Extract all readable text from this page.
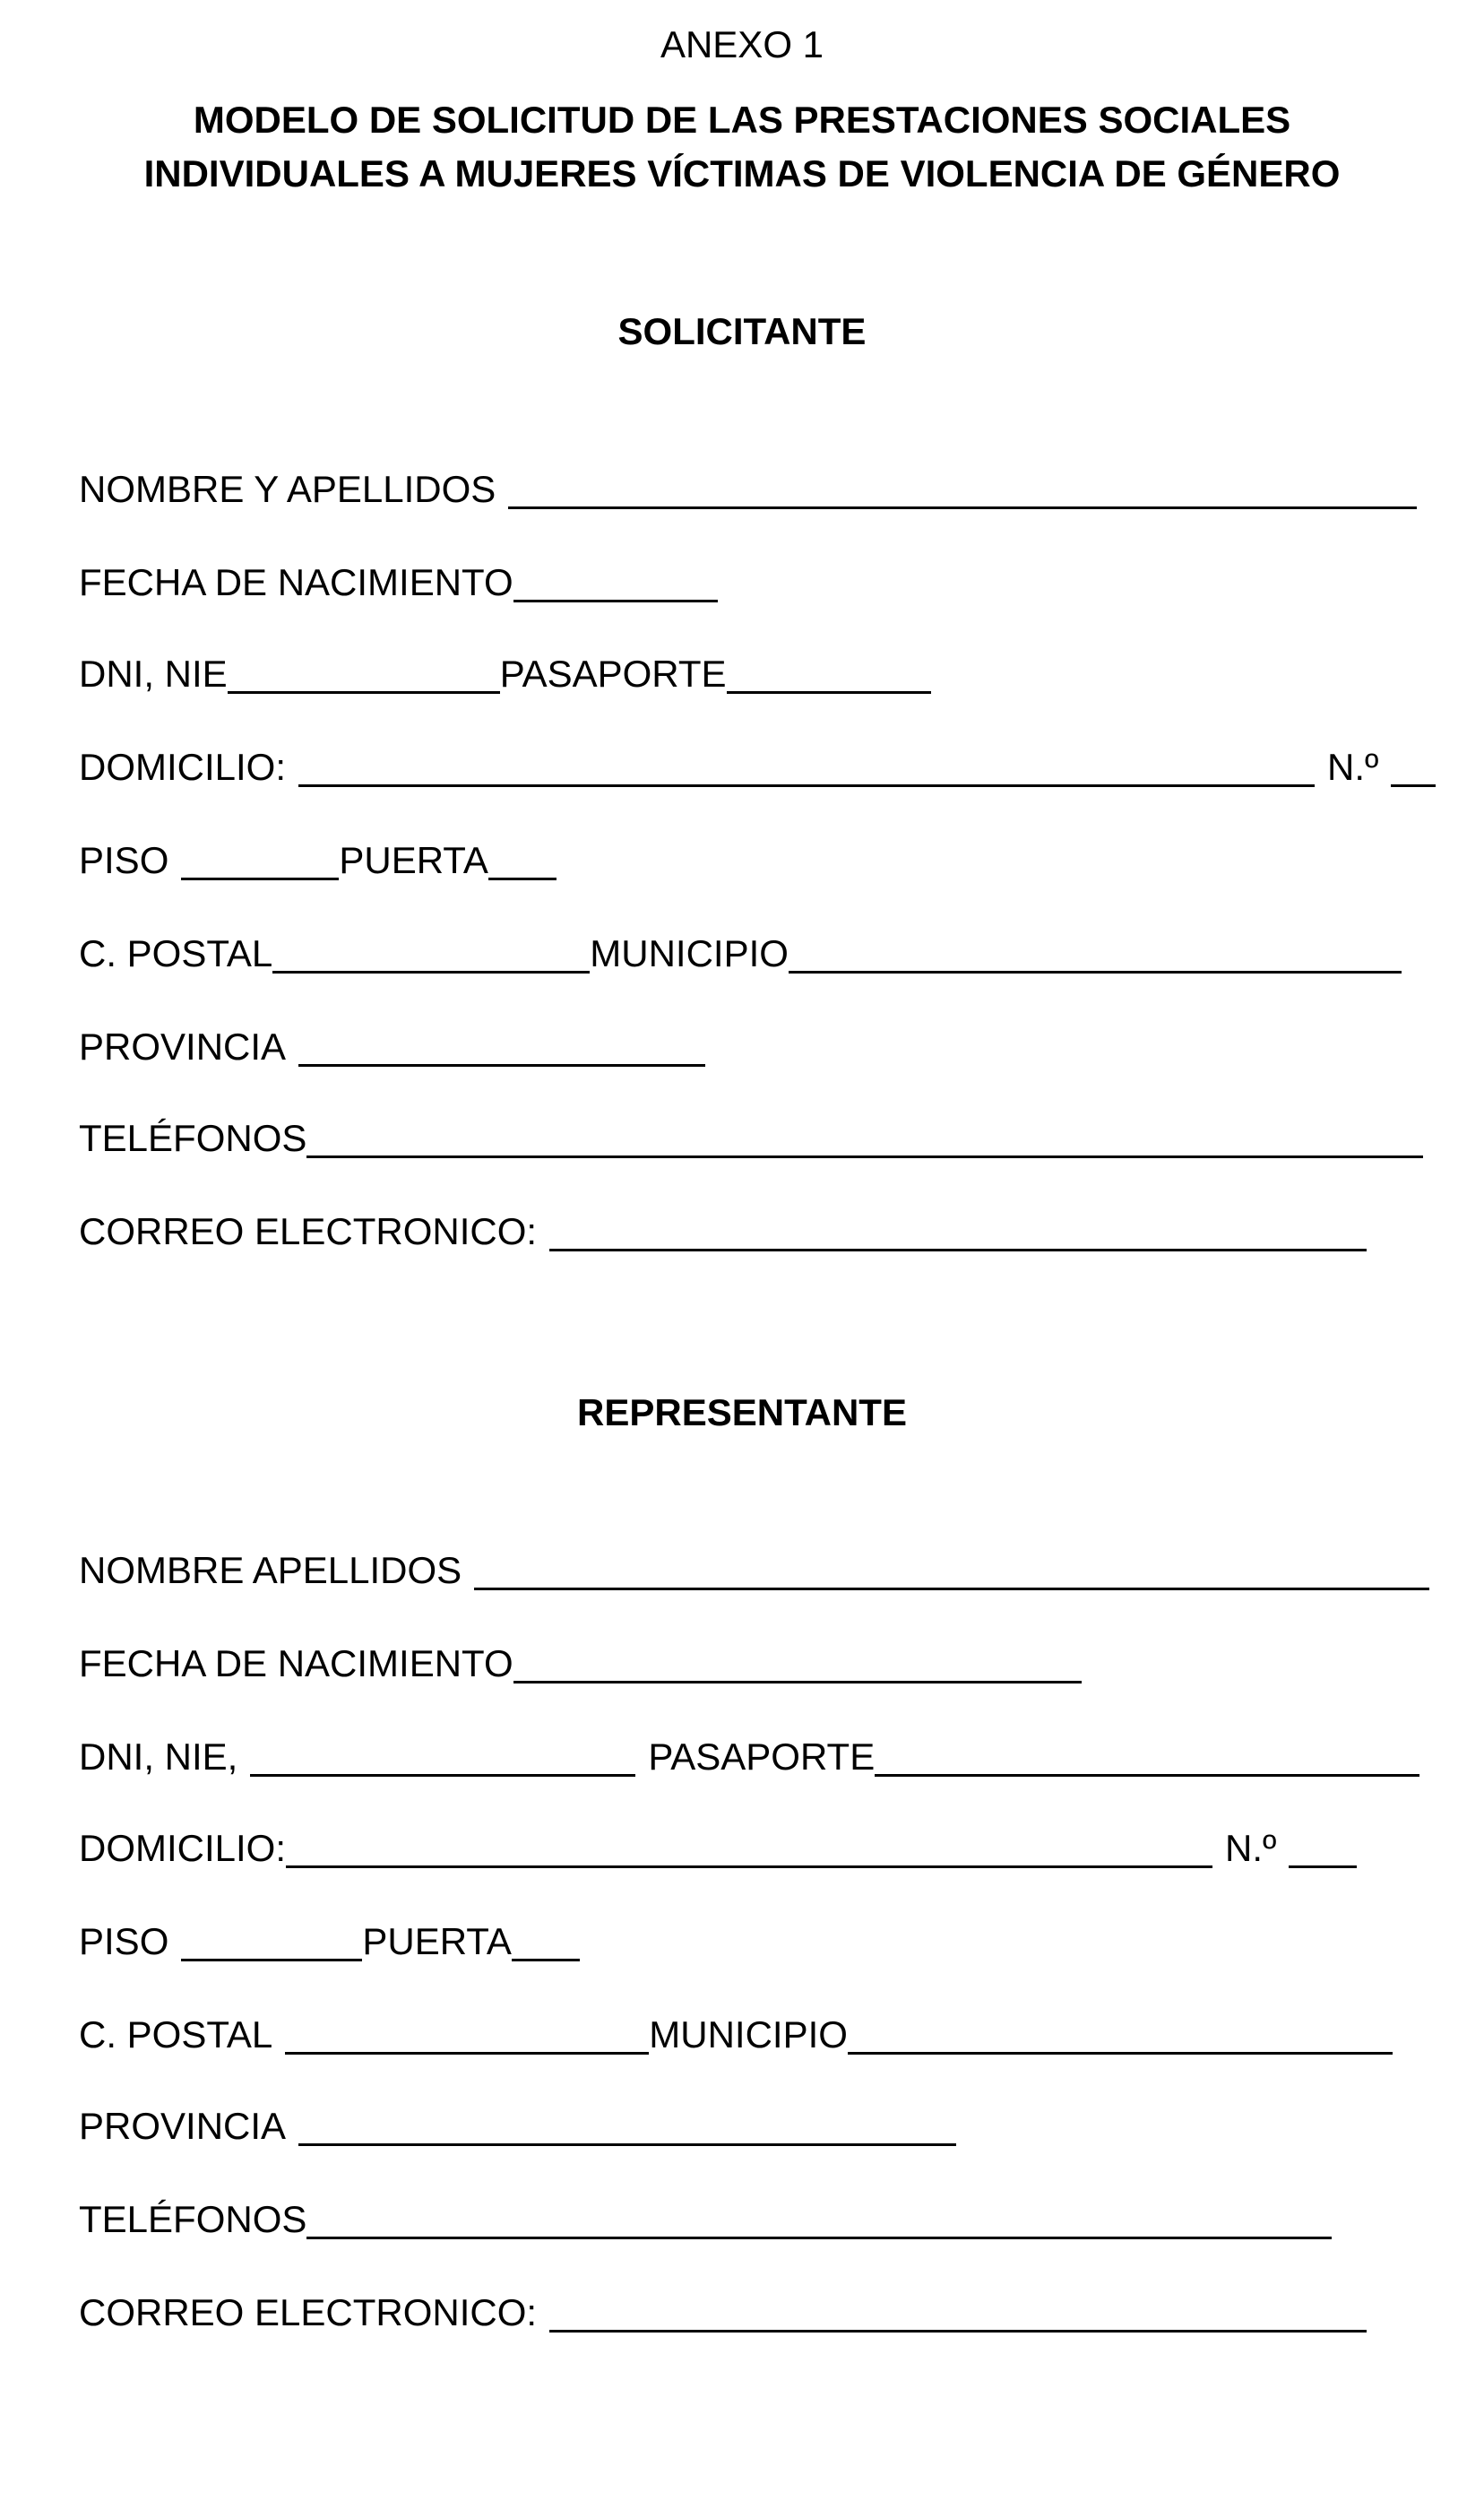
ANEXO 1
MODELO DE SOLICITUD DE LAS PRESTACIONES SOCIALES
INDIVIDUALES A MUJERES VÍCTIMAS DE VIOLENCIA DE GÉNERO
SOLICITANTE
NOMBRE Y APELLIDOS
FECHA DE NACIMIENTO
DNI, NIE	PASAPORTE
DOMICILIO:	N.º
PISO	PUERTA
C. POSTAL	MUNICIPIO
PROVINCIA
TELÉFONOS
CORREO ELECTRONICO:
REPRESENTANTE
NOMBRE APELLIDOS
FECHA DE NACIMIENTO
DNI, NIE,	PASAPORTE
DOMICILIO:	N.º
PISO	PUERTA
C. POSTAL	MUNICIPIO
PROVINCIA
TELÉFONOS
CORREO ELECTRONICO:
